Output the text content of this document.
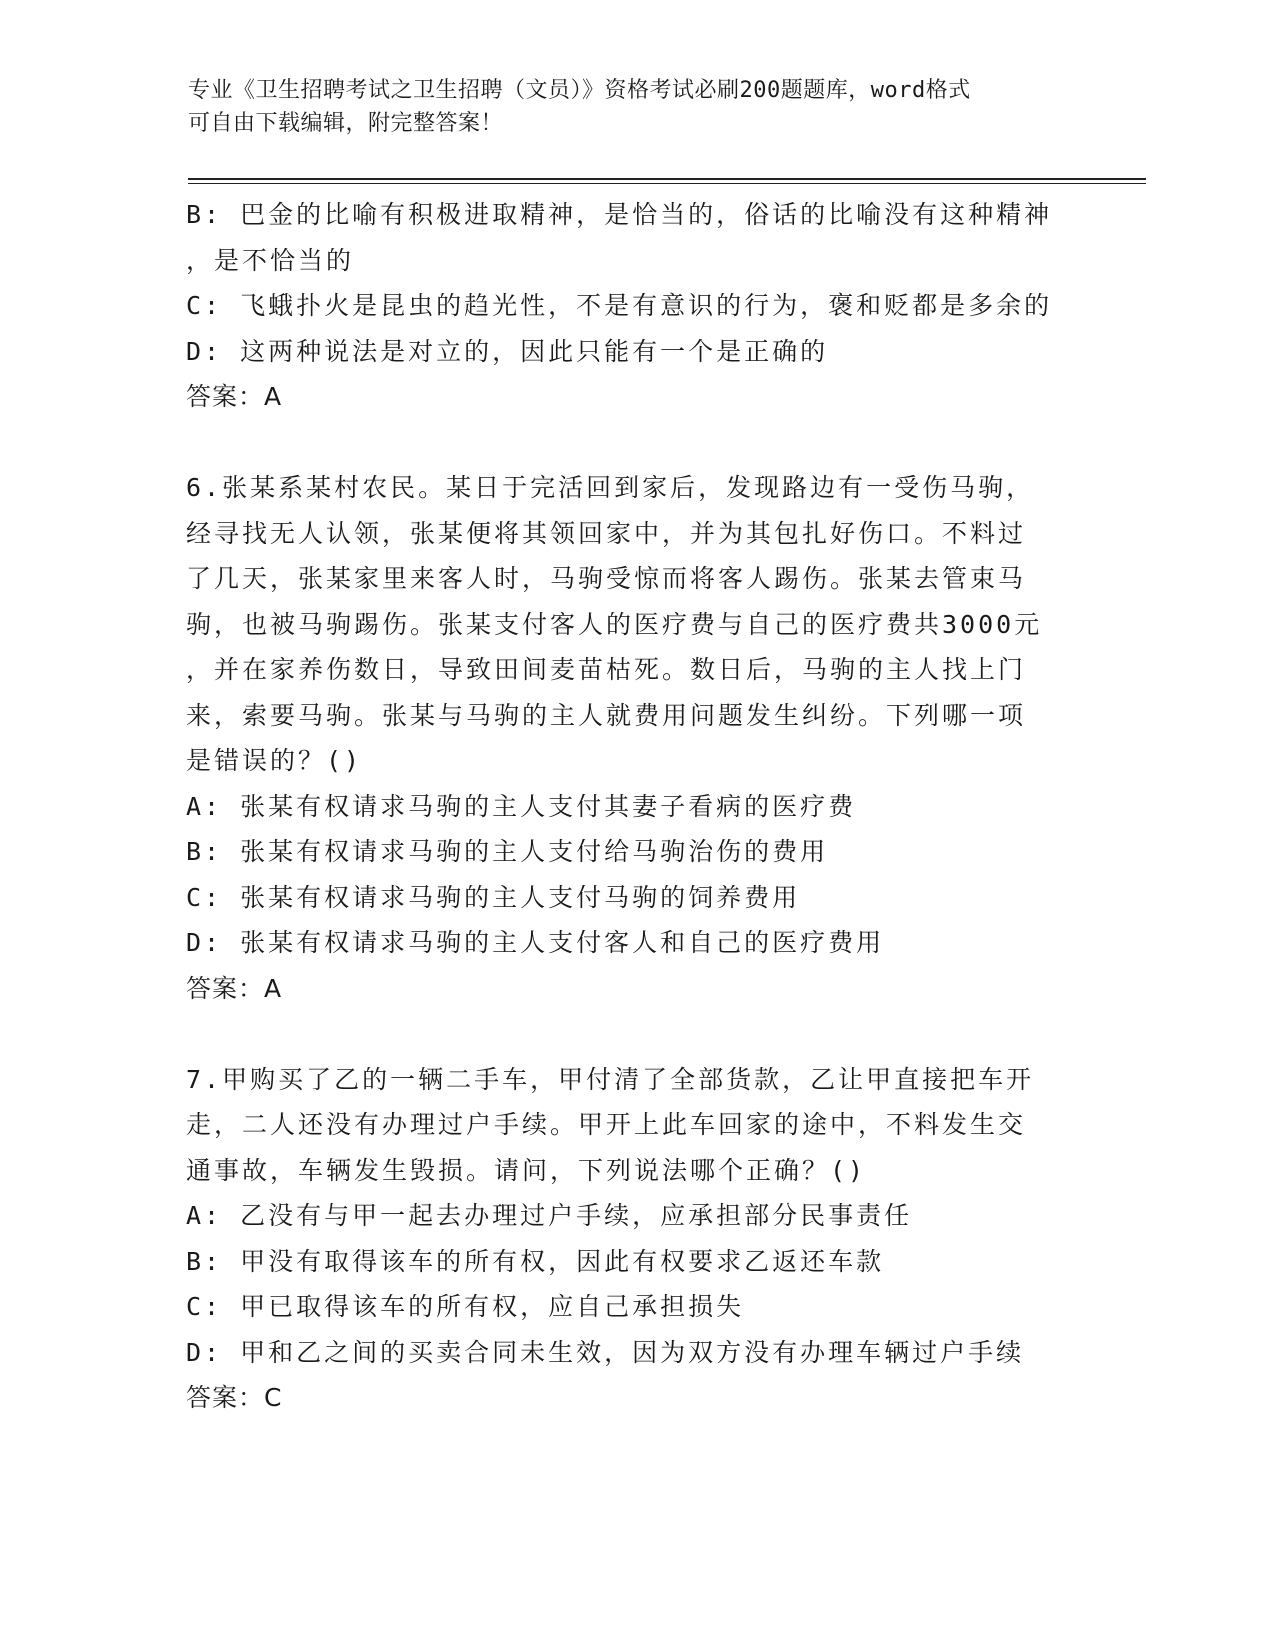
专业《卫生招聘考试之卫生招聘（文员）》资格考试必刷200题题库，word格式
可自由下载编辑，附完整答案！
B: 巴金的比喻有积极进取精神，是恰当的，俗话的比喻没有这种精神
，是不恰当的
C: 飞蛾扑火是昆虫的趋光性，不是有意识的行为，褒和贬都是多余的
D: 这两种说法是对立的，因此只能有一个是正确的
答案：A
6.张某系某村农民。某日于完活回到家后，发现路边有一受伤马驹，
经寻找无人认领，张某便将其领回家中，并为其包扎好伤口。不料过
了几天，张某家里来客人时，马驹受惊而将客人踢伤。张某去管束马
驹，也被马驹踢伤。张某支付客人的医疗费与自己的医疗费共3000元
，并在家养伤数日，导致田间麦苗枯死。数日后，马驹的主人找上门
来，索要马驹。张某与马驹的主人就费用问题发生纠纷。下列哪一项
是错误的？()
A: 张某有权请求马驹的主人支付其妻子看病的医疗费
B: 张某有权请求马驹的主人支付给马驹治伤的费用
C: 张某有权请求马驹的主人支付马驹的饲养费用
D: 张某有权请求马驹的主人支付客人和自己的医疗费用
答案：A
7.甲购买了乙的一辆二手车，甲付清了全部货款，乙让甲直接把车开
走，二人还没有办理过户手续。甲开上此车回家的途中，不料发生交
通事故，车辆发生毁损。请问，下列说法哪个正确？()
A: 乙没有与甲一起去办理过户手续，应承担部分民事责任
B: 甲没有取得该车的所有权，因此有权要求乙返还车款
C: 甲已取得该车的所有权，应自己承担损失
D: 甲和乙之间的买卖合同未生效，因为双方没有办理车辆过户手续
答案：C
